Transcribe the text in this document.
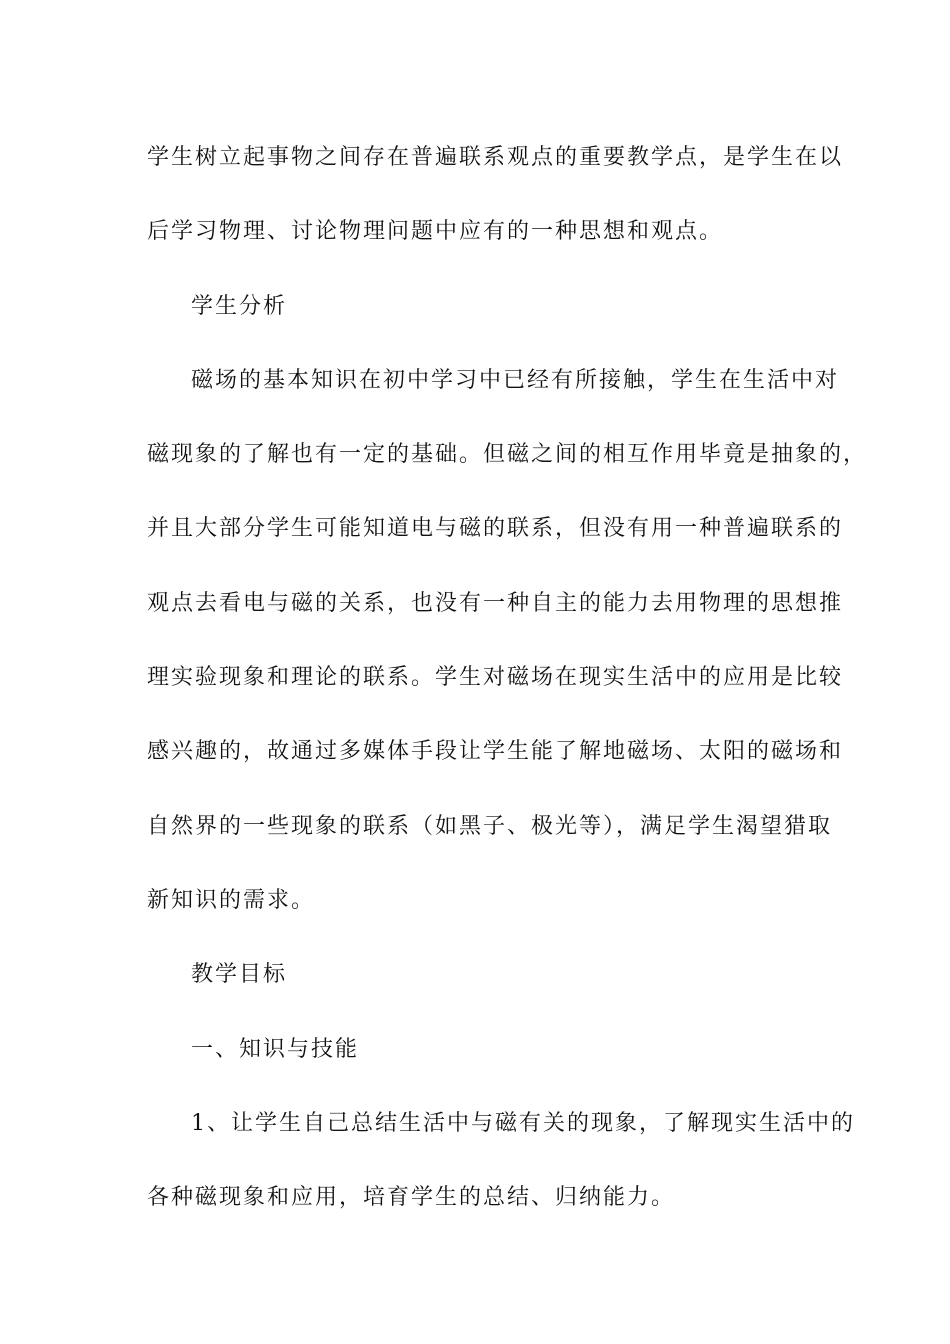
学生树立起事物之间存在普遍联系观点的重要教学点，是学生在以
后学习物理、讨论物理问题中应有的一种思想和观点。
学生分析
磁场的基本知识在初中学习中已经有所接触，学生在生活中对
磁现象的了解也有一定的基础。但磁之间的相互作用毕竟是抽象的，
并且大部分学生可能知道电与磁的联系，但没有用一种普遍联系的
观点去看电与磁的关系，也没有一种自主的能力去用物理的思想推
理实验现象和理论的联系。学生对磁场在现实生活中的应用是比较
感兴趣的，故通过多媒体手段让学生能了解地磁场、太阳的磁场和
自然界的一些现象的联系（如黑子、极光等），满足学生渴望猎取
新知识的需求。
教学目标
一、知识与技能
1、让学生自己总结生活中与磁有关的现象，了解现实生活中的
各种磁现象和应用，培育学生的总结、归纳能力。
